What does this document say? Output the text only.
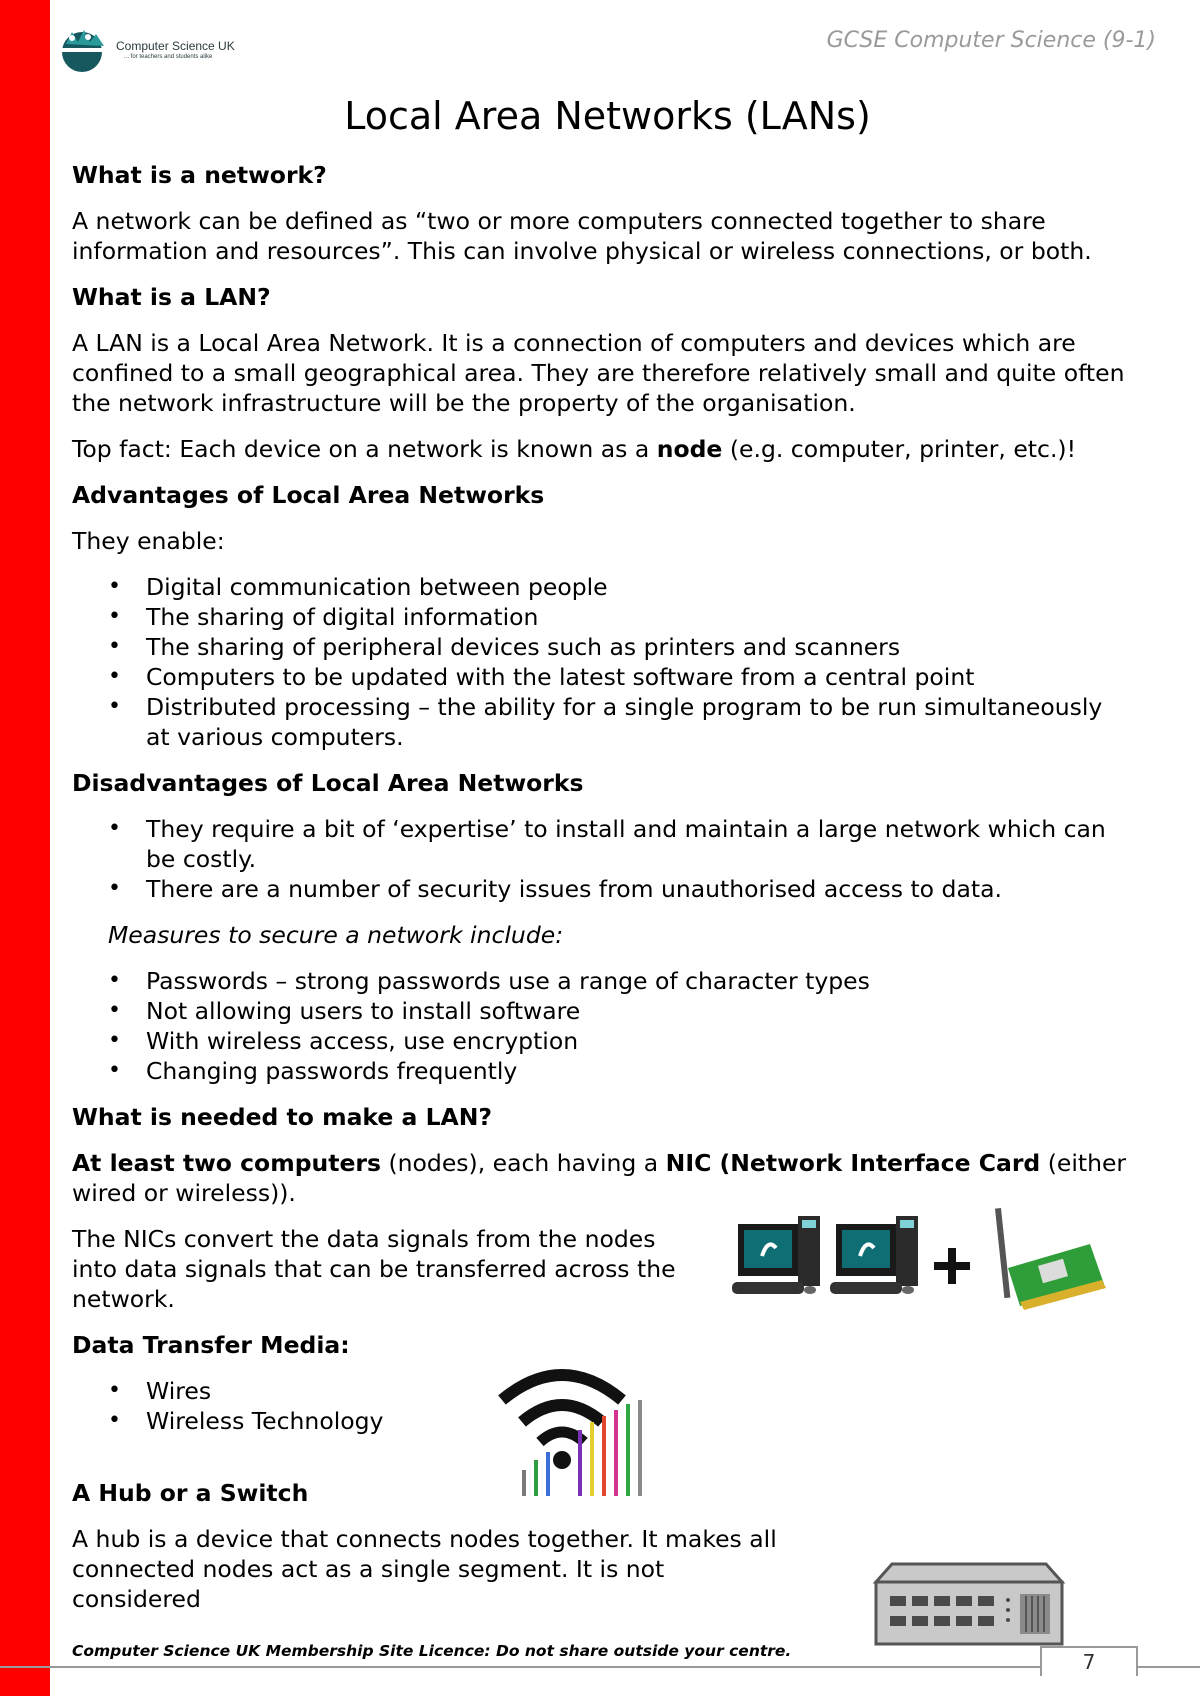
Computer Science UK
... for teachers and students alike
GCSE Computer Science (9-1)
Local Area Networks (LANs)
What is a network?

A network can be defined as “two or more computers connected together to share information and resources”. This can involve physical or wireless connections, or both.

What is a LAN?

A LAN is a Local Area Network. It is a connection of computers and devices which are confined to a small geographical area. They are therefore relatively small and quite often the network infrastructure will be the property of the organisation.

Top fact: Each device on a network is known as a node (e.g. computer, printer, etc.)!

Advantages of Local Area Networks

They enable:

• Digital communication between people
• The sharing of digital information
• The sharing of peripheral devices such as printers and scanners
• Computers to be updated with the latest software from a central point
• Distributed processing – the ability for a single program to be run simultaneously at various computers.
Disadvantages of Local Area Networks
• They require a bit of ‘expertise’ to install and maintain a large network which can be costly.
• There are a number of security issues from unauthorised access to data.

Measures to secure a network include:

• Passwords – strong passwords use a range of character types
• Not allowing users to install software
• With wireless access, use encryption
• Changing passwords frequently
What is needed to make a LAN?

At least two computers (nodes), each having a NIC (Network Interface Card (either wired or wireless)).

The NICs convert the data signals from the nodes into data signals that can be transferred across the network.

Data Transfer Media:
• Wires
• Wireless Technology
A Hub or a Switch

A hub is a device that connects nodes together. It makes all connected nodes act as a single segment. It is not considered

Computer Science UK Membership Site Licence: Do not share outside your centre.	7
